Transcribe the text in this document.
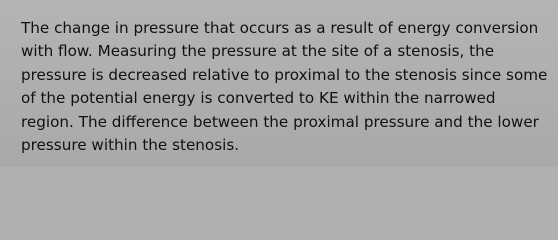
The change in pressure that occurs as a result of energy conversion with flow. Measuring the pressure at the site of a stenosis, the pressure is decreased relative to proximal to the stenosis since some of the potential energy is converted to KE within the narrowed region. The difference between the proximal pressure and the lower pressure within the stenosis.
